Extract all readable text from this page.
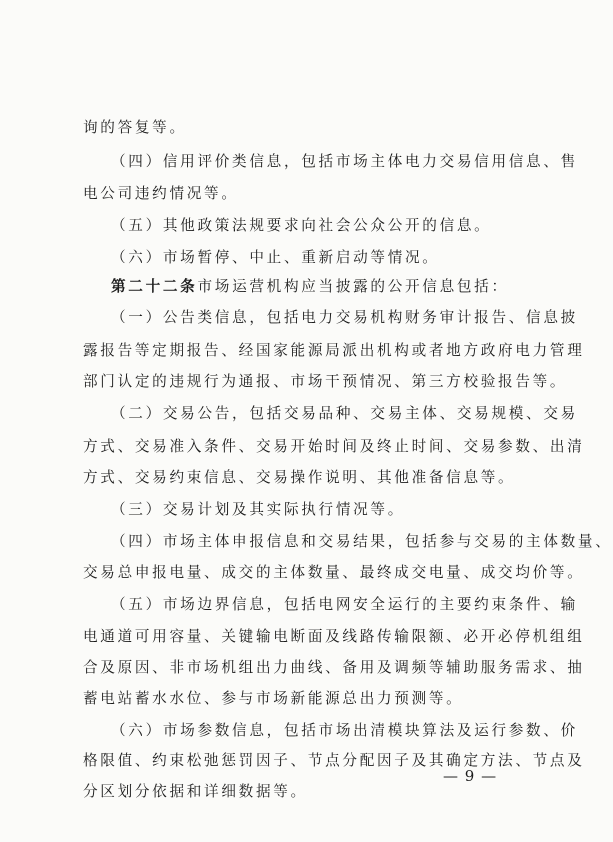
询的答复等。
（四）信用评价类信息，包括市场主体电力交易信用信息、售
电公司违约情况等。
（五）其他政策法规要求向社会公众公开的信息。
（六）市场暂停、中止、重新启动等情况。
第二十二条市场运营机构应当披露的公开信息包括：
（一）公告类信息，包括电力交易机构财务审计报告、信息披
露报告等定期报告、经国家能源局派出机构或者地方政府电力管理
部门认定的违规行为通报、市场干预情况、第三方校验报告等。
（二）交易公告，包括交易品种、交易主体、交易规模、交易
方式、交易准入条件、交易开始时间及终止时间、交易参数、出清
方式、交易约束信息、交易操作说明、其他准备信息等。
（三）交易计划及其实际执行情况等。
（四）市场主体申报信息和交易结果，包括参与交易的主体数量、
交易总申报电量、成交的主体数量、最终成交电量、成交均价等。
（五）市场边界信息，包括电网安全运行的主要约束条件、输
电通道可用容量、关键输电断面及线路传输限额、必开必停机组组
合及原因、非市场机组出力曲线、备用及调频等辅助服务需求、抽
蓄电站蓄水水位、参与市场新能源总出力预测等。
（六）市场参数信息，包括市场出清模块算法及运行参数、价
格限值、约束松弛惩罚因子、节点分配因子及其确定方法、节点及
分区划分依据和详细数据等。
— 9 —
